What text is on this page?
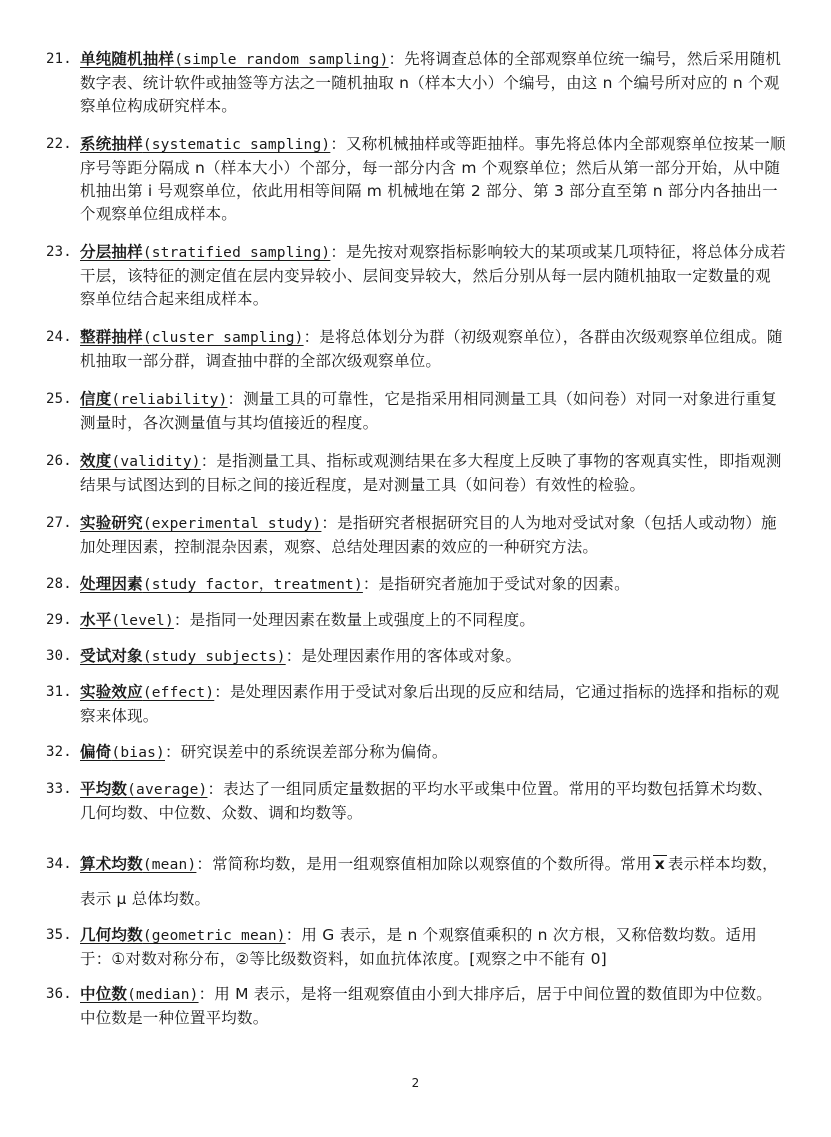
21. 单纯随机抽样(simple random sampling)：先将调查总体的全部观察单位统一编号，然后采用随机数字表、统计软件或抽签等方法之一随机抽取 n（样本大小）个编号，由这 n 个编号所对应的 n 个观察单位构成研究样本。
22. 系统抽样(systematic sampling)：又称机械抽样或等距抽样。事先将总体内全部观察单位按某一顺序号等距分隔成 n（样本大小）个部分，每一部分内含 m 个观察单位；然后从第一部分开始，从中随机抽出第 i 号观察单位，依此用相等间隔 m 机械地在第 2 部分、第 3 部分直至第 n 部分内各抽出一个观察单位组成样本。
23. 分层抽样(stratified sampling)：是先按对观察指标影响较大的某项或某几项特征，将总体分成若干层，该特征的测定值在层内变异较小、层间变异较大，然后分别从每一层内随机抽取一定数量的观察单位结合起来组成样本。
24. 整群抽样(cluster sampling)：是将总体划分为群（初级观察单位），各群由次级观察单位组成。随机抽取一部分群，调查抽中群的全部次级观察单位。
25. 信度(reliability)：测量工具的可靠性，它是指采用相同测量工具（如问卷）对同一对象进行重复测量时，各次测量值与其均值接近的程度。
26. 效度(validity)：是指测量工具、指标或观测结果在多大程度上反映了事物的客观真实性，即指观测结果与试图达到的目标之间的接近程度，是对测量工具（如问卷）有效性的检验。
27. 实验研究(experimental study)：是指研究者根据研究目的人为地对受试对象（包括人或动物）施加处理因素，控制混杂因素，观察、总结处理因素的效应的一种研究方法。
28. 处理因素(study factor，treatment)：是指研究者施加于受试对象的因素。
29. 水平(level)：是指同一处理因素在数量上或强度上的不同程度。
30. 受试对象(study subjects)：是处理因素作用的客体或对象。
31. 实验效应(effect)：是处理因素作用于受试对象后出现的反应和结局，它通过指标的选择和指标的观察来体现。
32. 偏倚(bias)：研究误差中的系统误差部分称为偏倚。
33. 平均数(average)：表达了一组同质定量数据的平均水平或集中位置。常用的平均数包括算术均数、几何均数、中位数、众数、调和均数等。
34. 算术均数(mean)：常简称均数，是用一组观察值相加除以观察值的个数所得。常用 x 表示样本均数，表示 μ 总体均数。
35. 几何均数(geometric mean)：用 G 表示，是 n 个观察值乘积的 n 次方根，又称倍数均数。适用于：①对数对称分布，②等比级数资料，如血抗体浓度。[观察之中不能有 0]
36. 中位数(median)：用 M 表示，是将一组观察值由小到大排序后，居于中间位置的数值即为中位数。中位数是一种位置平均数。
2
